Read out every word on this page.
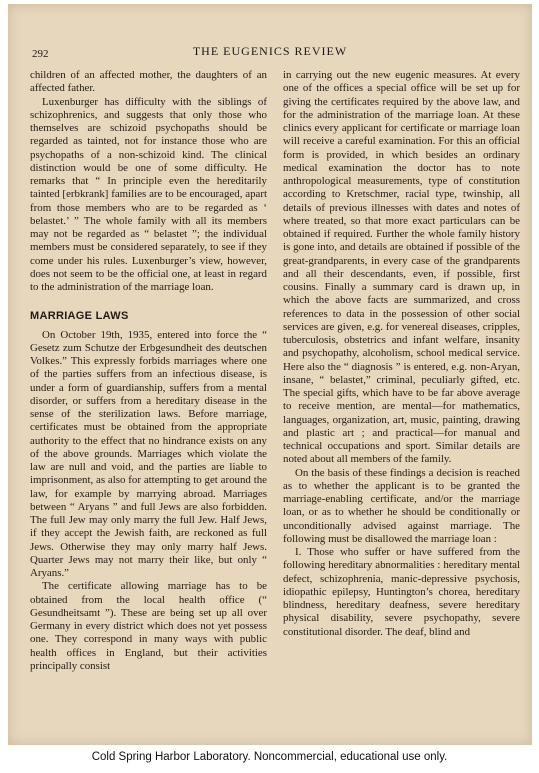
292	THE EUGENICS REVIEW

children of an affected mother, the daughters of an affected father.

Luxenburger has difficulty with the siblings of schizophrenics, and suggests that only those who themselves are schizoid psychopaths should be regarded as tainted, not for instance those who are psychopaths of a non-schizoid kind. The clinical distinction would be one of some difficulty. He remarks that “ In principle even the hereditarily tainted [erbkrank] families are to be encouraged, apart from those members who are to be regarded as ‘ belastet.’ ” The whole family with all its members may not be regarded as “ belastet ”; the individual members must be considered separately, to see if they come under his rules. Luxenburger’s view, however, does not seem to be the official one, at least in regard to the administration of the marriage loan.

MARRIAGE LAWS

On October 19th, 1935, entered into force the “ Gesetz zum Schutze der Erbgesundheit des deutschen Volkes.” This expressly forbids marriages where one of the parties suffers from an infectious disease, is under a form of guardianship, suffers from a mental disorder, or suffers from a hereditary disease in the sense of the sterilization laws. Before marriage, certificates must be obtained from the appropriate authority to the effect that no hindrance exists on any of the above grounds. Marriages which violate the law are null and void, and the parties are liable to imprisonment, as also for attempting to get around the law, for example by marrying abroad. Marriages between “ Aryans ” and full Jews are also forbidden. The full Jew may only marry the full Jew. Half Jews, if they accept the Jewish faith, are reckoned as full Jews. Otherwise they may only marry half Jews. Quarter Jews may not marry their like, but only “ Aryans.”

The certificate allowing marriage has to be obtained from the local health office (“ Gesundheitsamt ”). These are being set up all over Germany in every district which does not yet possess one. They correspond in many ways with public health offices in England, but their activities principally consist

in carrying out the new eugenic measures. At every one of the offices a special office will be set up for giving the certificates required by the above law, and for the administration of the marriage loan. At these clinics every applicant for certificate or marriage loan will receive a careful examination. For this an official form is provided, in which besides an ordinary medical examination the doctor has to note anthropological measurements, type of constitution according to Kretschmer, racial type, twinship, all details of previous illnesses with dates and notes of where treated, so that more exact particulars can be obtained if required. Further the whole family history is gone into, and details are obtained if possible of the great-grandparents, in every case of the grandparents and all their descendants, even, if possible, first cousins. Finally a summary card is drawn up, in which the above facts are summarized, and cross references to data in the possession of other social services are given, e.g. for venereal diseases, cripples, tuberculosis, obstetrics and infant welfare, insanity and psychopathy, alcoholism, school medical service. Here also the “ diagnosis ” is entered, e.g. non-Aryan, insane, “ belastet,” criminal, peculiarly gifted, etc. The special gifts, which have to be far above average to receive mention, are mental—for mathematics, languages, organization, art, music, painting, drawing and plastic art ; and practical—for manual and technical occupations and sport. Similar details are noted about all members of the family.

On the basis of these findings a decision is reached as to whether the applicant is to be granted the marriage-enabling certificate, and/or the marriage loan, or as to whether he should be conditionally or unconditionally advised against marriage. The following must be disallowed the marriage loan :

I. Those who suffer or have suffered from the following hereditary abnormalities : hereditary mental defect, schizophrenia, manic-depressive psychosis, idiopathic epilepsy, Huntington’s chorea, hereditary blindness, hereditary deafness, severe hereditary physical disability, severe psychopathy, severe constitutional disorder. The deaf, blind and

Cold Spring Harbor Laboratory. Noncommercial, educational use only.
